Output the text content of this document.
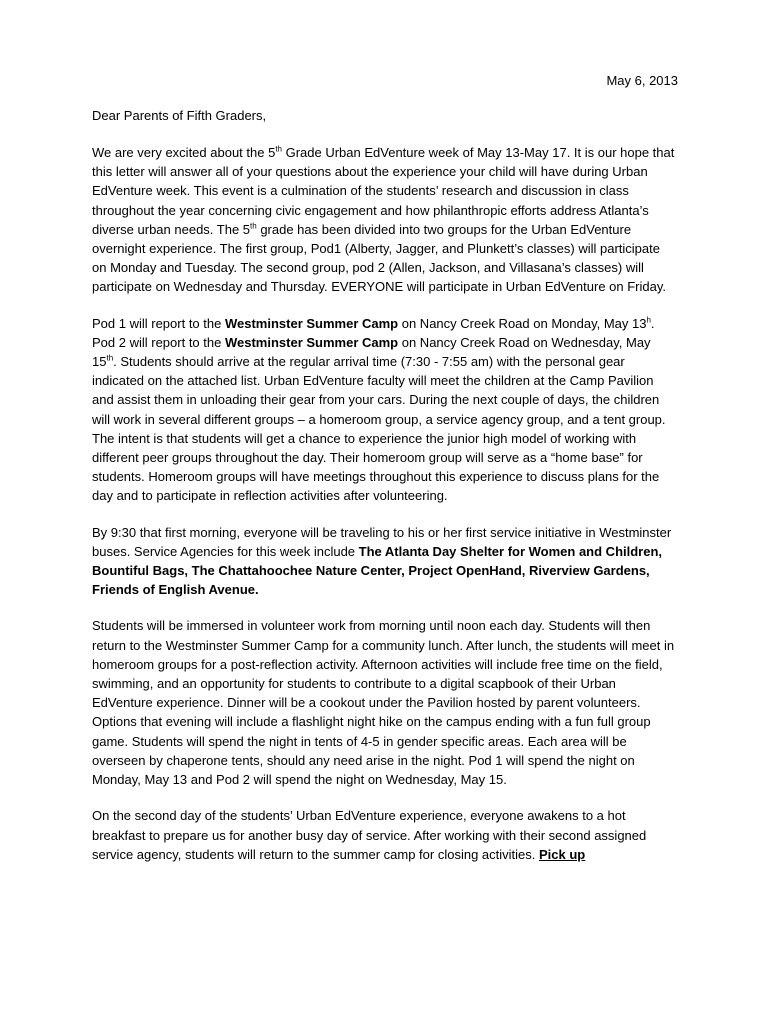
May 6, 2013
Dear Parents of Fifth Graders,

We are very excited about the 5th Grade Urban EdVenture week of May 13-May 17. It is our hope that this letter will answer all of your questions about the experience your child will have during Urban EdVenture week. This event is a culmination of the students’ research and discussion in class throughout the year concerning civic engagement and how philanthropic efforts address Atlanta’s diverse urban needs. The 5th grade has been divided into two groups for the Urban EdVenture overnight experience. The first group, Pod1 (Alberty, Jagger, and Plunkett’s classes) will participate on Monday and Tuesday. The second group, pod 2 (Allen, Jackson, and Villasana’s classes) will participate on Wednesday and Thursday. EVERYONE will participate in Urban EdVenture on Friday.

Pod 1 will report to the Westminster Summer Camp on Nancy Creek Road on Monday, May 13$^h$. Pod 2 will report to the Westminster Summer Camp on Nancy Creek Road on Wednesday, May 15th. Students should arrive at the regular arrival time (7:30 - 7:55 am) with the personal gear indicated on the attached list. Urban EdVenture faculty will meet the children at the Camp Pavilion and assist them in unloading their gear from your cars. During the next couple of days, the children will work in several different groups – a homeroom group, a service agency group, and a tent group. The intent is that students will get a chance to experience the junior high model of working with different peer groups throughout the day. Their homeroom group will serve as a “home base” for students. Homeroom groups will have meetings throughout this experience to discuss plans for the day and to participate in reflection activities after volunteering.

By 9:30 that first morning, everyone will be traveling to his or her first service initiative in Westminster buses. Service Agencies for this week include The Atlanta Day Shelter for Women and Children, Bountiful Bags, The Chattahoochee Nature Center, Project OpenHand, Riverview Gardens, Friends of English Avenue.

Students will be immersed in volunteer work from morning until noon each day. Students will then return to the Westminster Summer Camp for a community lunch. After lunch, the students will meet in homeroom groups for a post-reflection activity. Afternoon activities will include free time on the field, swimming, and an opportunity for students to contribute to a digital scapbook of their Urban EdVenture experience. Dinner will be a cookout under the Pavilion hosted by parent volunteers. Options that evening will include a flashlight night hike on the campus ending with a fun full group game. Students will spend the night in tents of 4-5 in gender specific areas. Each area will be overseen by chaperone tents, should any need arise in the night. Pod 1 will spend the night on Monday, May 13 and Pod 2 will spend the night on Wednesday, May 15.

On the second day of the students’ Urban EdVenture experience, everyone awakens to a hot breakfast to prepare us for another busy day of service. After working with their second assigned service agency, students will return to the summer camp for closing activities. Pick up
